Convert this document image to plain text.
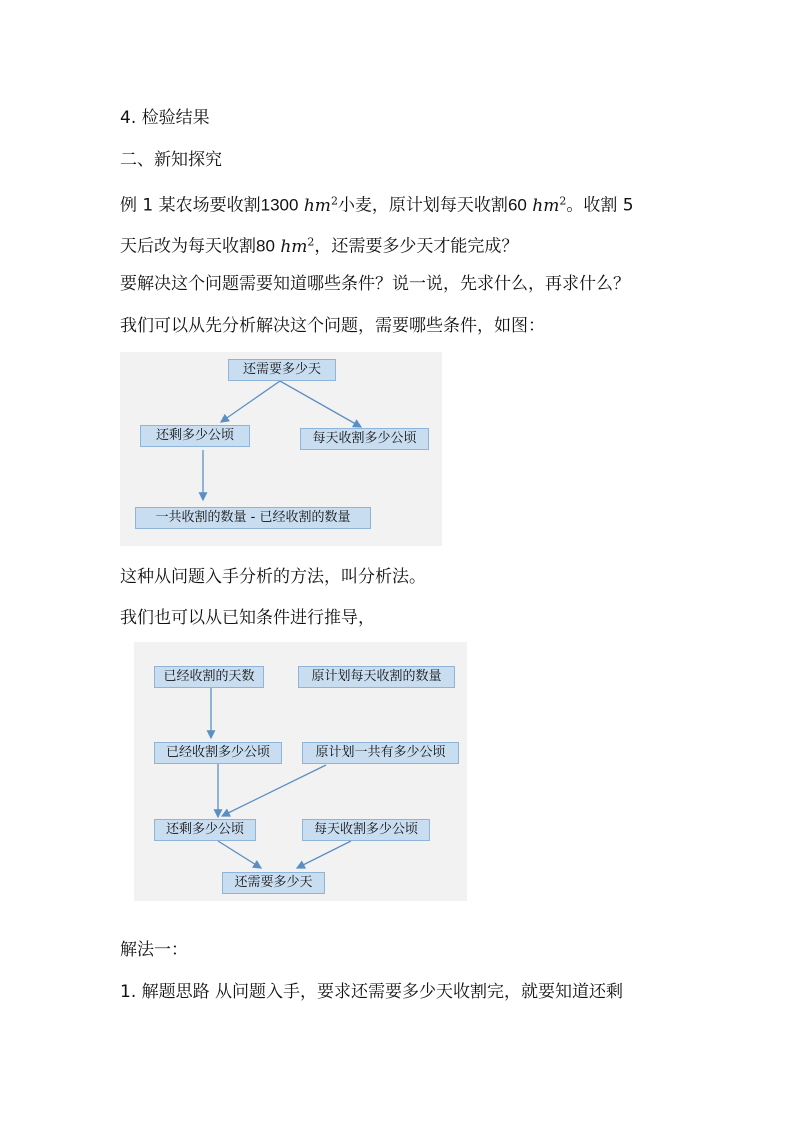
4. 检验结果
二、新知探究
例 1 某农场要收割1300 $hm^2$小麦，原计划每天收割60 $hm^2$。收割 5
天后改为每天收割80 $hm^2$，还需要多少天才能完成？
要解决这个问题需要知道哪些条件？说一说，先求什么，再求什么？
我们可以从先分析解决这个问题，需要哪些条件，如图：
还需要多少天
还剩多少公顷	每天收割多少公顷
一共收割的数量 - 已经收割的数量
这种从问题入手分析的方法，叫分析法。
我们也可以从已知条件进行推导，
已经收割的天数	原计划每天收割的数量
已经收割多少公顷	原计划一共有多少公顷
还剩多少公顷	每天收割多少公顷
还需要多少天
解法一：
1. 解题思路 从问题入手，要求还需要多少天收割完，就要知道还剩
